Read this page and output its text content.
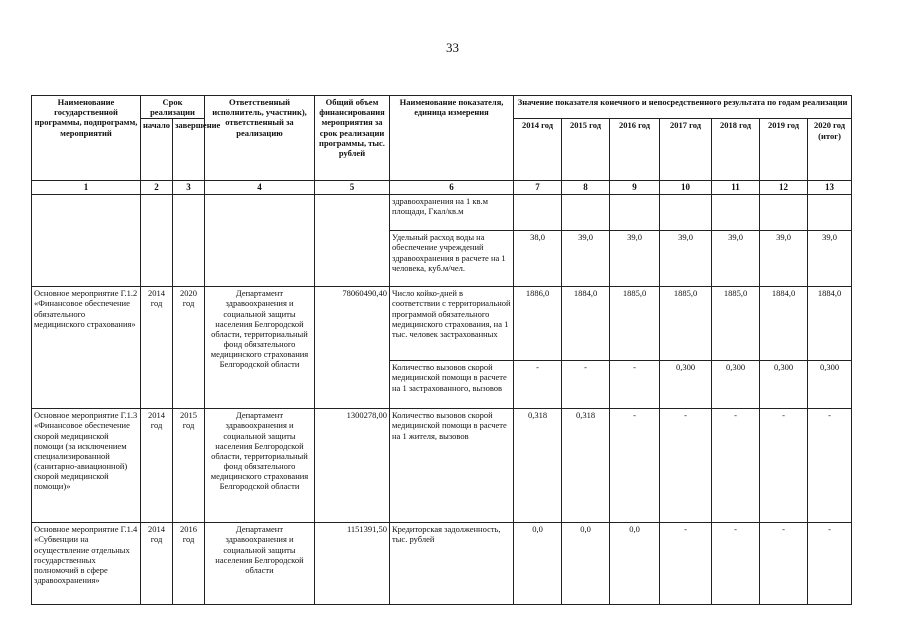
33
Наименование государственной программы, подпрограмм, мероприятий	Срок реализации		Ответственный исполнитель, участник), ответственный за реализацию	Общий объем финансирования мероприятия за срок реализации программы, тыс. рублей	Наименование показателя, единица измерения	Значение показателя конечного и непосредственного результата по годам реализации						
	начало	завершение				2014 год	2015 год	2016 год	2017 год	2018 год	2019 год	2020 год (итог)
1	2	3	4	5	6	7	8	9	10	11	12	13
					здравоохранения на 1 кв.м площади, Гкал/кв.м							
					Удельный расход воды на обеспечение учреждений здравоохранения в расчете на 1 человека, куб.м/чел.	38,0	39,0	39,0	39,0	39,0	39,0	39,0
Основное мероприятие Г.1.2 «Финансовое обеспечение обязательного медицинского страхования»	2014 год	2020 год	Департамент здравоохранения и социальной защиты населения Белгородской области, территориальный фонд обязательного медицинского страхования Белгородской области	78060490,40	Число койко-дней в соответствии с территориальной программой обязательного медицинского страхования, на 1 тыс. человек застрахованных	1886,0	1884,0	1885,0	1885,0	1885,0	1884,0	1884,0
					Количество вызовов скорой медицинской помощи в расчете на 1 застрахованного, вызовов	-	-	-	0,300	0,300	0,300	0,300
Основное мероприятие Г.1.3 «Финансовое обеспечение скорой медицинской помощи (за исключением специализированной (санитарно-авиационной) скорой медицинской помощи)»	2014 год	2015 год	Департамент здравоохранения и социальной защиты населения Белгородской области, территориальный фонд обязательного медицинского страхования Белгородской области	1300278,00	Количество вызовов скорой медицинской помощи в расчете на 1 жителя, вызовов	0,318	0,318	-	-	-	-	-
Основное мероприятие Г.1.4 «Субвенции на осуществление отдельных государственных полномочий в сфере здравоохранения»	2014 год	2016 год	Департамент здравоохранения и социальной защиты населения Белгородской области	1151391,50	Кредиторская задолженность, тыс. рублей	0,0	0,0	0,0	-	-	-	-
